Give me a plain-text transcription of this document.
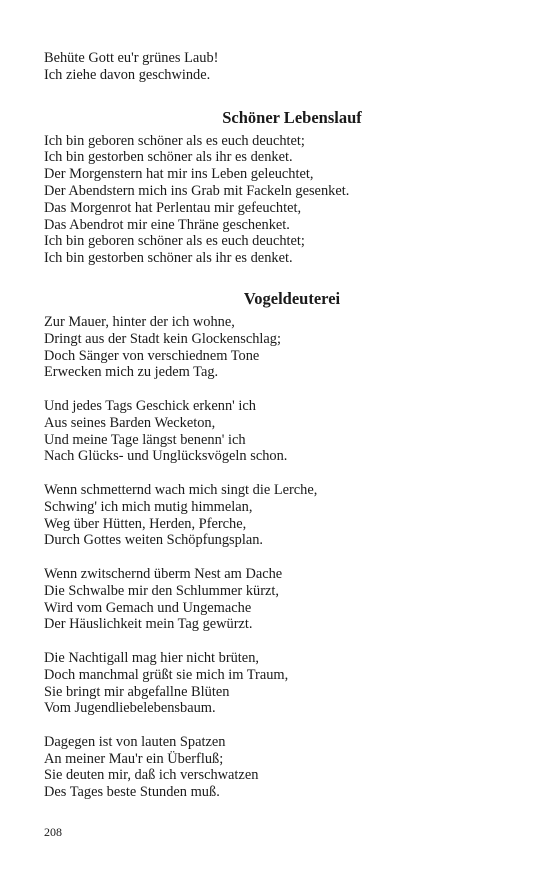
Behüte Gott eu'r grünes Laub!
Ich ziehe davon geschwinde.
Schöner Lebenslauf
Ich bin geboren schöner als es euch deuchtet;
Ich bin gestorben schöner als ihr es denket.
Der Morgenstern hat mir ins Leben geleuchtet,
Der Abendstern mich ins Grab mit Fackeln gesenket.
Das Morgenrot hat Perlentau mir gefeuchtet,
Das Abendrot mir eine Thräne geschenket.
Ich bin geboren schöner als es euch deuchtet;
Ich bin gestorben schöner als ihr es denket.
Vogeldeuterei
Zur Mauer, hinter der ich wohne,
Dringt aus der Stadt kein Glockenschlag;
Doch Sänger von verschiednem Tone
Erwecken mich zu jedem Tag.
Und jedes Tags Geschick erkenn' ich
Aus seines Barden Wecketon,
Und meine Tage längst benenn' ich
Nach Glücks- und Unglücksvögeln schon.
Wenn schmetternd wach mich singt die Lerche,
Schwing' ich mich mutig himmelan,
Weg über Hütten, Herden, Pferche,
Durch Gottes weiten Schöpfungsplan.
Wenn zwitschernd überm Nest am Dache
Die Schwalbe mir den Schlummer kürzt,
Wird vom Gemach und Ungemache
Der Häuslichkeit mein Tag gewürzt.
Die Nachtigall mag hier nicht brüten,
Doch manchmal grüßt sie mich im Traum,
Sie bringt mir abgefallne Blüten
Vom Jugendliebelebensbaum.
Dagegen ist von lauten Spatzen
An meiner Mau'r ein Überfluß;
Sie deuten mir, daß ich verschwatzen
Des Tages beste Stunden muß.
208
